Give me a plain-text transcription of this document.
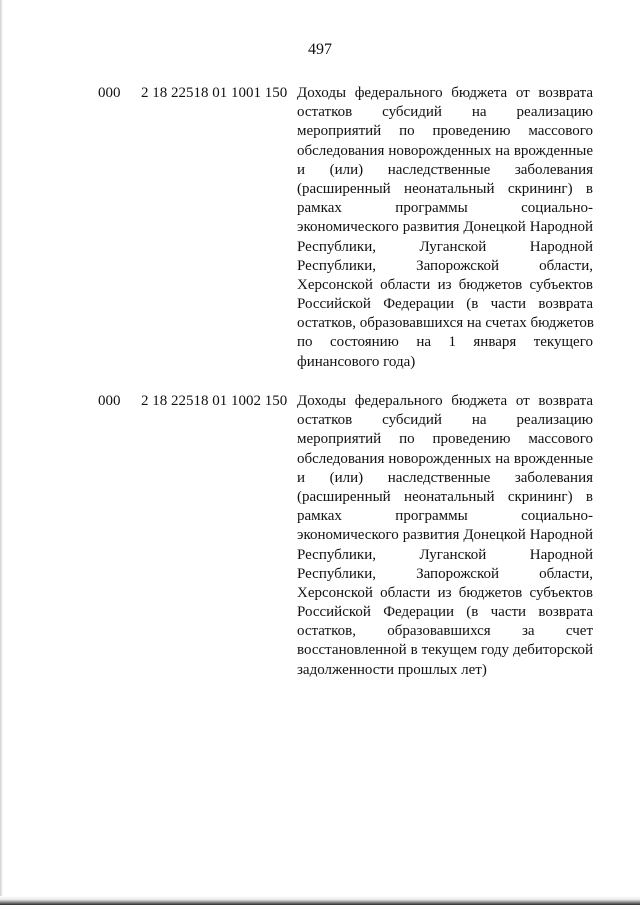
497
000 2 18 22518 01 1001 150 Доходы федерального бюджета от возврата
остатков субсидий на реализацию
мероприятий по проведению массового
обследования новорожденных на врожденные
и (или) наследственные заболевания
(расширенный неонатальный скрининг) в
рамках программы социально-
экономического развития Донецкой Народной
Республики, Луганской Народной
Республики, Запорожской области,
Херсонской области из бюджетов субъектов
Российской Федерации (в части возврата
остатков, образовавшихся на счетах бюджетов
по состоянию на 1 января текущего
финансового года)
000 2 18 22518 01 1002 150 Доходы федерального бюджета от возврата
остатков субсидий на реализацию
мероприятий по проведению массового
обследования новорожденных на врожденные
и (или) наследственные заболевания
(расширенный неонатальный скрининг) в
рамках программы социально-
экономического развития Донецкой Народной
Республики, Луганской Народной
Республики, Запорожской области,
Херсонской области из бюджетов субъектов
Российской Федерации (в части возврата
остатков, образовавшихся за счет
восстановленной в текущем году дебиторской
задолженности прошлых лет)
